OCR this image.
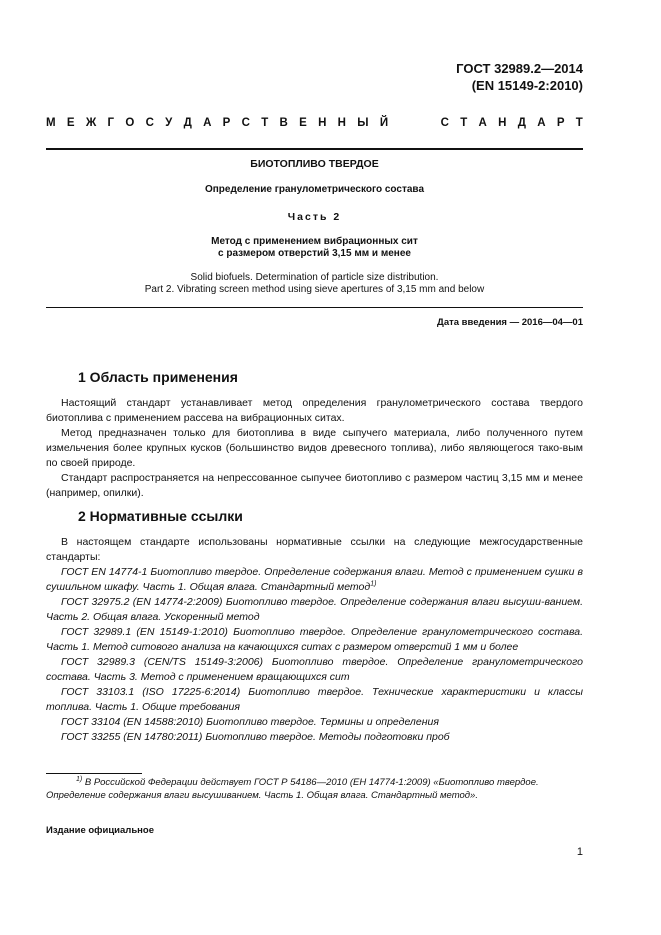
ГОСТ 32989.2—2014
(EN 15149-2:2010)
М Е Ж Г О С У Д А Р С Т В Е Н Н Ы Й	С Т А Н Д А Р Т
БИОТОПЛИВО ТВЕРДОЕ
Определение гранулометрического состава
Часть 2
Метод с применением вибрационных сит
с размером отверстий 3,15 мм и менее
Solid biofuels. Determination of particle size distribution.
Part 2. Vibrating screen method using sieve apertures of 3,15 mm and below
Дата введения — 2016—04—01
1 Область применения

Настоящий стандарт устанавливает метод определения гранулометрического состава твердого биотоплива с применением рассева на вибрационных ситах.

Метод предназначен только для биотоплива в виде сыпучего материала, либо полученного путем измельчения более крупных кусков (большинство видов древесного топлива), либо являющегося тако-вым по своей природе.

Стандарт распространяется на непрессованное сыпучее биотопливо с размером частиц 3,15 мм и менее (например, опилки).

2 Нормативные ссылки

В настоящем стандарте использованы нормативные ссылки на следующие межгосударственные стандарты:

ГОСТ EN 14774-1 Биотопливо твердое. Определение содержания влаги. Метод с применением сушки в сушильном шкафу. Часть 1. Общая влага. Стандартный метод$^{1)}$

ГОСТ 32975.2 (EN 14774-2:2009) Биотопливо твердое. Определение содержания влаги высуши-ванием. Часть 2. Общая влага. Ускоренный метод

ГОСТ 32989.1 (EN 15149-1:2010) Биотопливо твердое. Определение гранулометрического состава. Часть 1. Метод ситового анализа на качающихся ситах с размером отверстий 1 мм и более

ГОСТ 32989.3 (CEN/TS 15149-3:2006) Биотопливо твердое. Определение гранулометрического состава. Часть 3. Метод с применением вращающихся сит

ГОСТ 33103.1 (ISO 17225-6:2014) Биотопливо твердое. Технические характеристики и классы топлива. Часть 1. Общие требования

ГОСТ 33104 (EN 14588:2010) Биотопливо твердое. Термины и определения

ГОСТ 33255 (EN 14780:2011) Биотопливо твердое. Методы подготовки проб

$^{1)}$ В Российской Федерации действует ГОСТ Р 54186—2010 (ЕН 14774-1:2009) «Биотопливо твердое. Определение содержания влаги высушиванием. Часть 1. Общая влага. Стандартный метод».
Издание официальное
1
